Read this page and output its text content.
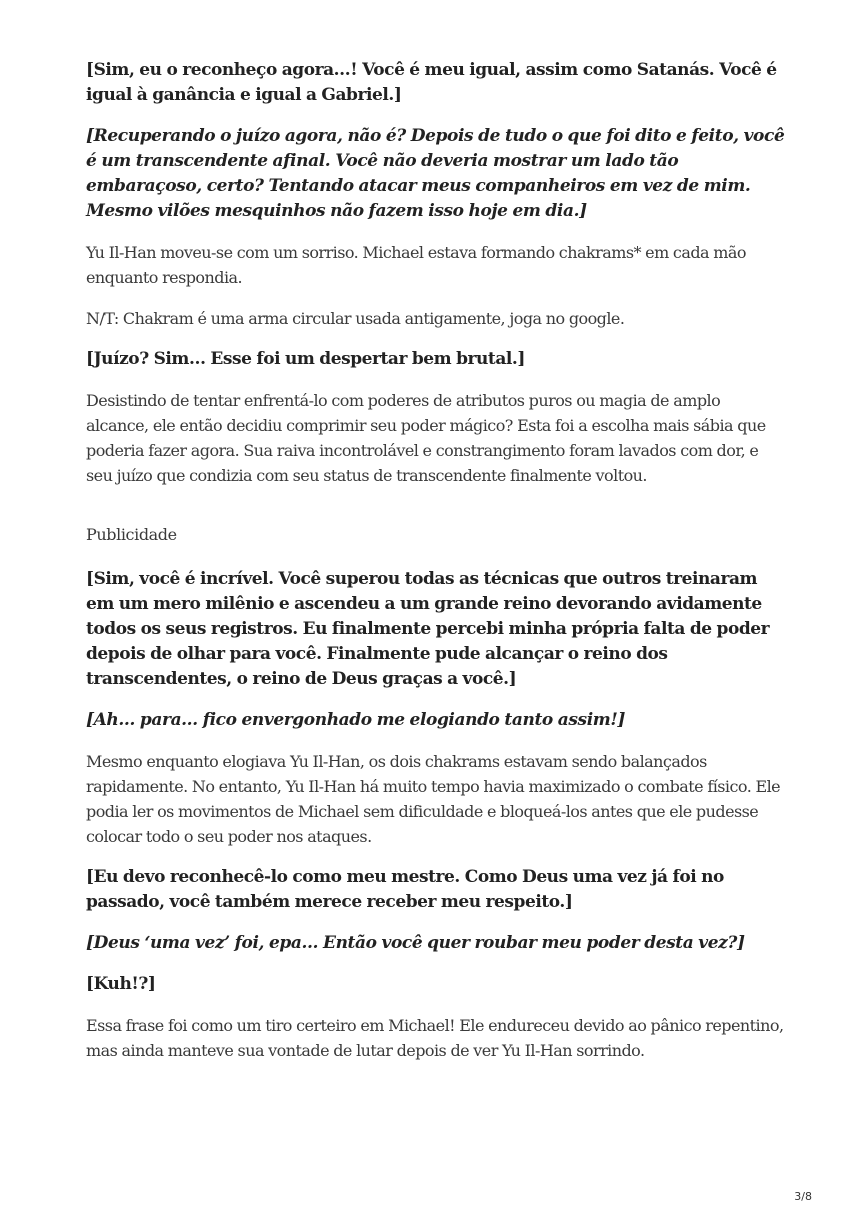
[Sim, eu o reconheço agora…! Você é meu igual, assim como Satanás. Você é igual à ganância e igual a Gabriel.]

[Recuperando o juízo agora, não é? Depois de tudo o que foi dito e feito, você é um transcendente afinal. Você não deveria mostrar um lado tão embaraçoso, certo? Tentando atacar meus companheiros em vez de mim. Mesmo vilões mesquinhos não fazem isso hoje em dia.]

Yu Il-Han moveu-se com um sorriso. Michael estava formando chakrams* em cada mão enquanto respondia.

N/T: Chakram é uma arma circular usada antigamente, joga no google.

[Juízo? Sim… Esse foi um despertar bem brutal.]

Desistindo de tentar enfrentá-lo com poderes de atributos puros ou magia de amplo alcance, ele então decidiu comprimir seu poder mágico? Esta foi a escolha mais sábia que poderia fazer agora. Sua raiva incontrolável e constrangimento foram lavados com dor, e seu juízo que condizia com seu status de transcendente finalmente voltou.

Publicidade

[Sim, você é incrível. Você superou todas as técnicas que outros treinaram em um mero milênio e ascendeu a um grande reino devorando avidamente todos os seus registros. Eu finalmente percebi minha própria falta de poder depois de olhar para você. Finalmente pude alcançar o reino dos transcendentes, o reino de Deus graças a você.]

[Ah… para… fico envergonhado me elogiando tanto assim!]

Mesmo enquanto elogiava Yu Il-Han, os dois chakrams estavam sendo balançados rapidamente. No entanto, Yu Il-Han há muito tempo havia maximizado o combate físico. Ele podia ler os movimentos de Michael sem dificuldade e bloqueá-los antes que ele pudesse colocar todo o seu poder nos ataques.

[Eu devo reconhecê-lo como meu mestre. Como Deus uma vez já foi no passado, você também merece receber meu respeito.]

[Deus ‘uma vez’ foi, epa… Então você quer roubar meu poder desta vez?]

[Kuh!?]

Essa frase foi como um tiro certeiro em Michael! Ele endureceu devido ao pânico repentino, mas ainda manteve sua vontade de lutar depois de ver Yu Il-Han sorrindo.

3/8
